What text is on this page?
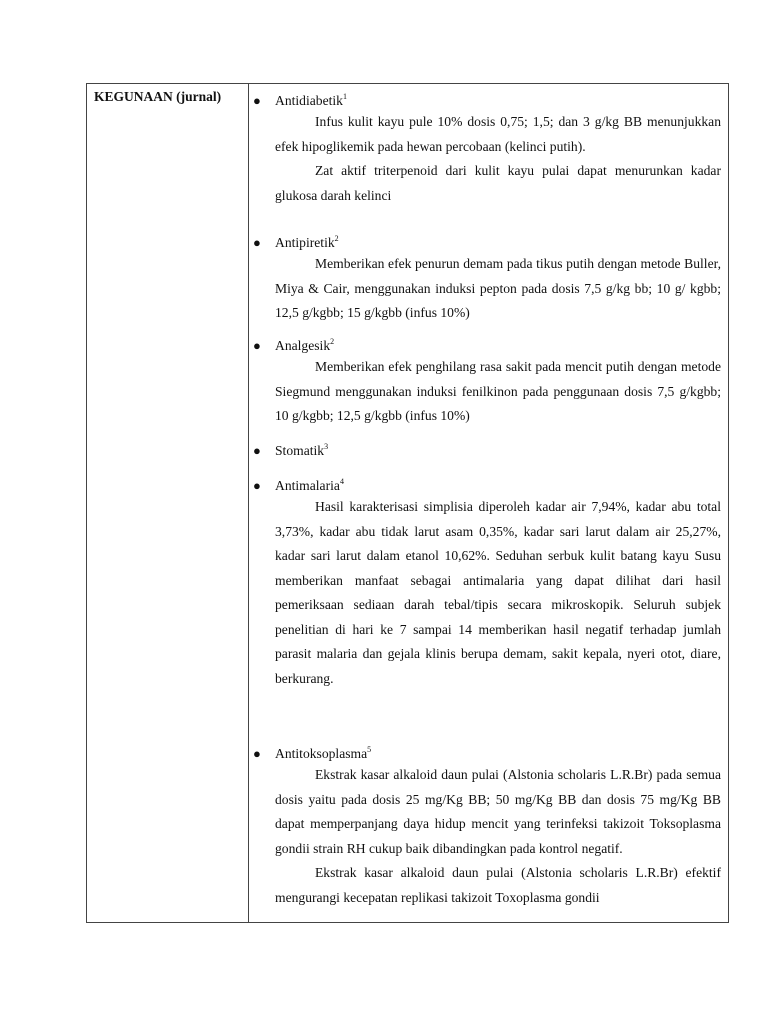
KEGUNAAN (jurnal) ● Antidiabetik$^1$

Infus kulit kayu pule 10% dosis 0,75; 1,5; dan 3 g/kg BB menunjukkan efek hipoglikemik pada hewan percobaan (kelinci putih).

Zat aktif triterpenoid dari kulit kayu pulai dapat menurunkan kadar glukosa darah kelinci

● Antipiretik$^2$

Memberikan efek penurun demam pada tikus putih dengan metode Buller, Miya & Cair, menggunakan induksi pepton pada dosis 7,5 g/kg bb; 10 g/ kgbb; 12,5 g/kgbb; 15 g/kgbb (infus 10%)

● Analgesik$^2$

Memberikan efek penghilang rasa sakit pada mencit putih dengan metode Siegmund menggunakan induksi fenilkinon pada penggunaan dosis 7,5 g/kgbb; 10 g/kgbb; 12,5 g/kgbb (infus 10%)

● Stomatik$^3$
● Antimalaria$^4$

Hasil karakterisasi simplisia diperoleh kadar air 7,94%, kadar abu total 3,73%, kadar abu tidak larut asam 0,35%, kadar sari larut dalam air 25,27%, kadar sari larut dalam etanol 10,62%. Seduhan serbuk kulit batang kayu Susu memberikan manfaat sebagai antimalaria yang dapat dilihat dari hasil pemeriksaan sediaan darah tebal/tipis secara mikroskopik. Seluruh subjek penelitian di hari ke 7 sampai 14 memberikan hasil negatif terhadap jumlah parasit malaria dan gejala klinis berupa demam, sakit kepala, nyeri otot, diare, berkurang.

● Antitoksoplasma$^5$

Ekstrak kasar alkaloid daun pulai (Alstonia scholaris L.R.Br) pada semua dosis yaitu pada dosis 25 mg/Kg BB; 50 mg/Kg BB dan dosis 75 mg/Kg BB dapat memperpanjang daya hidup mencit yang terinfeksi takizoit Toksoplasma gondii strain RH cukup baik dibandingkan pada kontrol negatif.

Ekstrak kasar alkaloid daun pulai (Alstonia scholaris L.R.Br) efektif mengurangi kecepatan replikasi takizoit Toxoplasma gondii
